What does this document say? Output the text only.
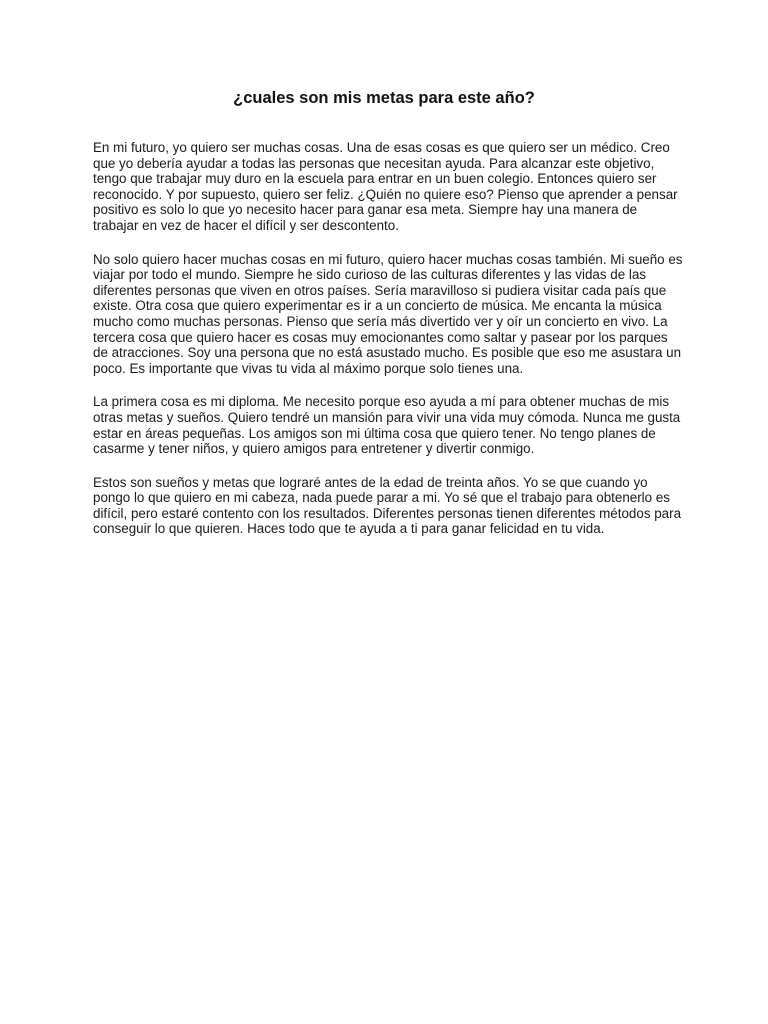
¿cuales son mis metas para este año?

En mi futuro, yo quiero ser muchas cosas. Una de esas cosas es que quiero ser un médico. Creo que yo debería ayudar a todas las personas que necesitan ayuda. Para alcanzar este objetivo, tengo que trabajar muy duro en la escuela para entrar en un buen colegio. Entonces quiero ser reconocido. Y por supuesto, quiero ser feliz. ¿Quién no quiere eso? Pienso que aprender a pensar positivo es solo lo que yo necesito hacer para ganar esa meta. Siempre hay una manera de trabajar en vez de hacer el difícil y ser descontento.

No solo quiero hacer muchas cosas en mi futuro, quiero hacer muchas cosas también. Mi sueño es viajar por todo el mundo. Siempre he sido curioso de las culturas diferentes y las vidas de las diferentes personas que viven en otros países. Sería maravilloso si pudiera visitar cada país que existe. Otra cosa que quiero experimentar es ir a un concierto de música. Me encanta la música mucho como muchas personas. Pienso que sería más divertido ver y oír un concierto en vivo. La tercera cosa que quiero hacer es cosas muy emocionantes como saltar y pasear por los parques de atracciones. Soy una persona que no está asustado mucho. Es posible que eso me asustara un poco. Es importante que vivas tu vida al máximo porque solo tienes una.

La primera cosa es mi diploma. Me necesito porque eso ayuda a mí para obtener muchas de mis otras metas y sueños. Quiero tendré un mansión para vivir una vida muy cómoda. Nunca me gusta estar en áreas pequeñas. Los amigos son mi última cosa que quiero tener. No tengo planes de casarme y tener niños, y quiero amigos para entretener y divertir conmigo.

Estos son sueños y metas que lograré antes de la edad de treinta años. Yo se que cuando yo pongo lo que quiero en mi cabeza, nada puede parar a mi. Yo sé que el trabajo para obtenerlo es difícil, pero estaré contento con los resultados. Diferentes personas tienen diferentes métodos para conseguir lo que quieren. Haces todo que te ayuda a ti para ganar felicidad en tu vida.
